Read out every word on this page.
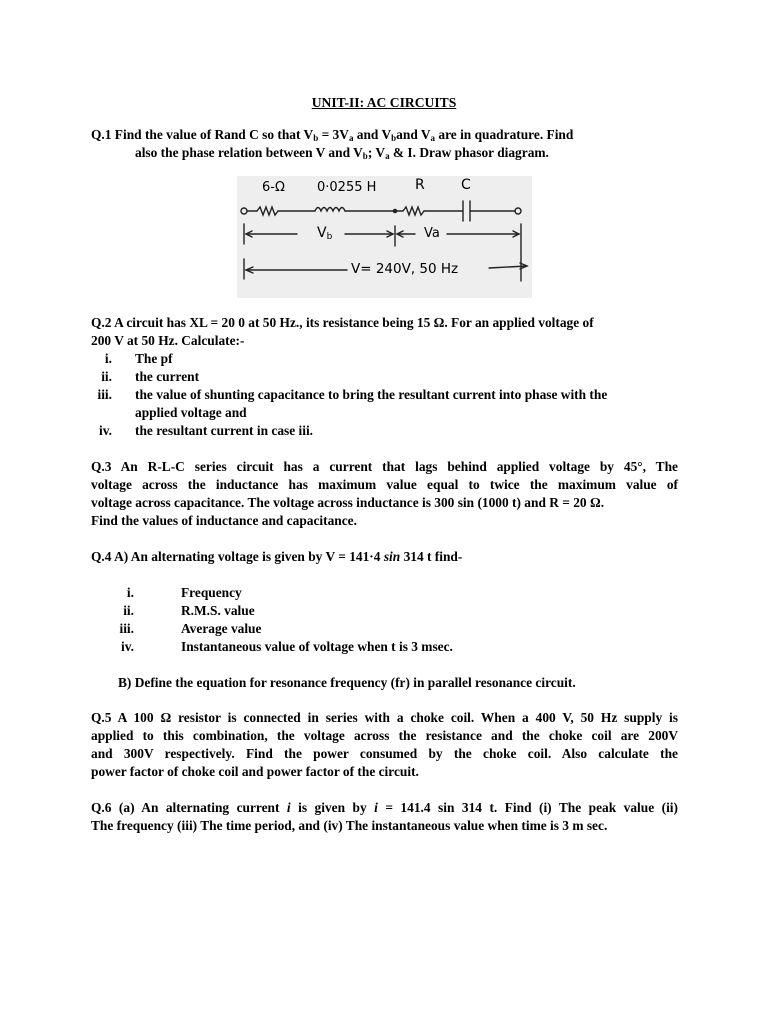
UNIT-II: AC CIRCUITS
Q.1 Find the value of Rand C so that $V_b = 3V_a$ and $V_band$ $V_a$ are in quadrature. Find
also the phase relation between V and $V_b$; $V_a$ & I. Draw phasor diagram.
6-Ω 0·0255 H	R	C
$V_b$	Va
V= 240V, 50 Hz
Q.2 A circuit has XL = 20 0 at 50 Hz., its resistance being 15 Ω. For an applied voltage of
200 V at 50 Hz. Calculate:-
i. The pf
ii. the current
iii. the value of shunting capacitance to bring the resultant current into phase with the
applied voltage and
iv. the resultant current in case iii.
Q.3 An R-L-C series circuit has a current that lags behind applied voltage by 45°, The
voltage across the inductance has maximum value equal to twice the maximum value of
voltage across capacitance. The voltage across inductance is 300 sin (1000 t) and R = 20 Ω.
Find the values of inductance and capacitance.
Q.4 A) An alternating voltage is given by V = 141·4 sin 314 t find-
i.	Frequency
ii.	R.M.S. value
iii.	Average value
iv.	Instantaneous value of voltage when t is 3 msec.
B) Define the equation for resonance frequency (fr) in parallel resonance circuit.
Q.5 A 100 Ω resistor is connected in series with a choke coil. When a 400 V, 50 Hz supply is
applied to this combination, the voltage across the resistance and the choke coil are 200V
and 300V respectively. Find the power consumed by the choke coil. Also calculate the
power factor of choke coil and power factor of the circuit.
Q.6 (a) An alternating current i is given by i = 141.4 sin 314 t. Find (i) The peak value (ii)
The frequency (iii) The time period, and (iv) The instantaneous value when time is 3 m sec.
